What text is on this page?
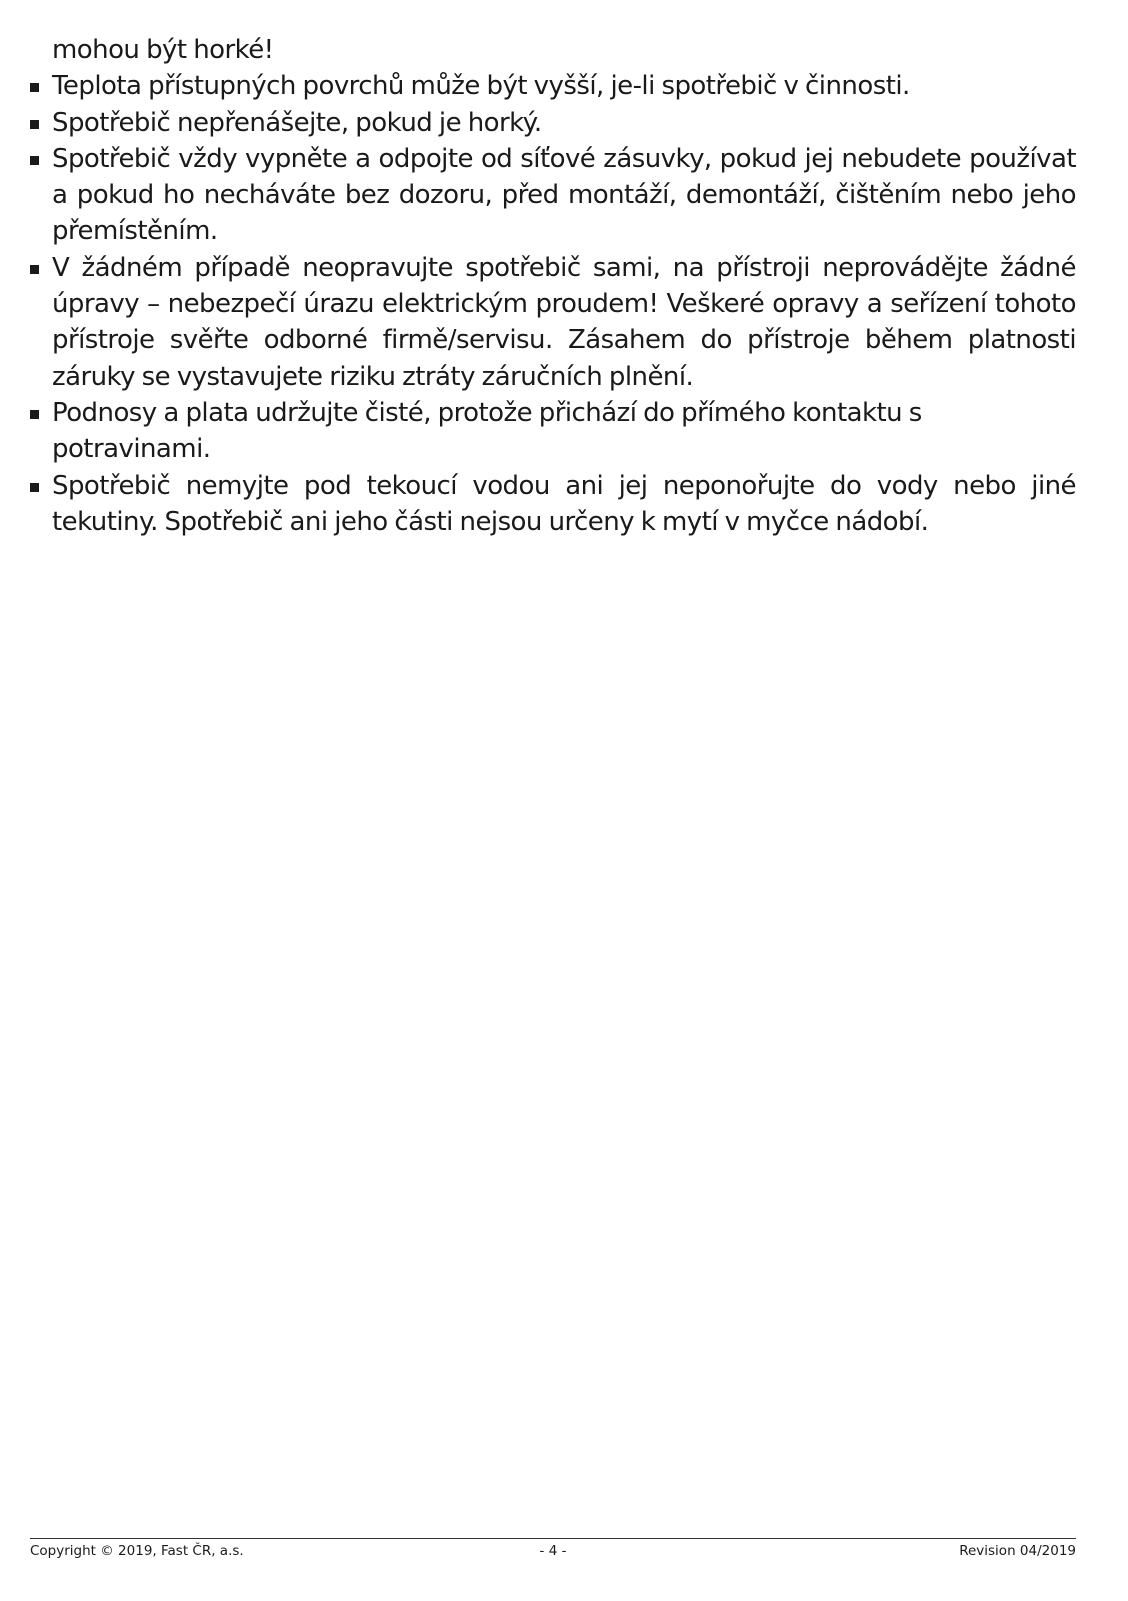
mohou být horké!

Teplota přístupných povrchů může být vyšší, je-li spotřebič v činnosti.
Spotřebič nepřenášejte, pokud je horký.
Spotřebič vždy vypněte a odpojte od síťové zásuvky, pokud jej nebudete používat a pokud ho necháváte bez dozoru, před montáží, demontáží, čištěním nebo jeho přemístěním.
V žádném případě neopravujte spotřebič sami, na přístroji neprovádějte žádné úpravy – nebezpečí úrazu elektrickým proudem! Veškeré opravy a seřízení tohoto přístroje svěřte odborné firmě/servisu. Zásahem do přístroje během platnosti záruky se vystavujete riziku ztráty záručních plnění.
Podnosy a plata udržujte čisté, protože přichází do přímého kontaktu s potravinami.
Spotřebič nemyjte pod tekoucí vodou ani jej neponořujte do vody nebo jiné tekutiny. Spotřebič ani jeho části nejsou určeny k mytí v myčce nádobí.
Copyright © 2019, Fast ČR, a.s.	- 4 -	Revision 04/2019
